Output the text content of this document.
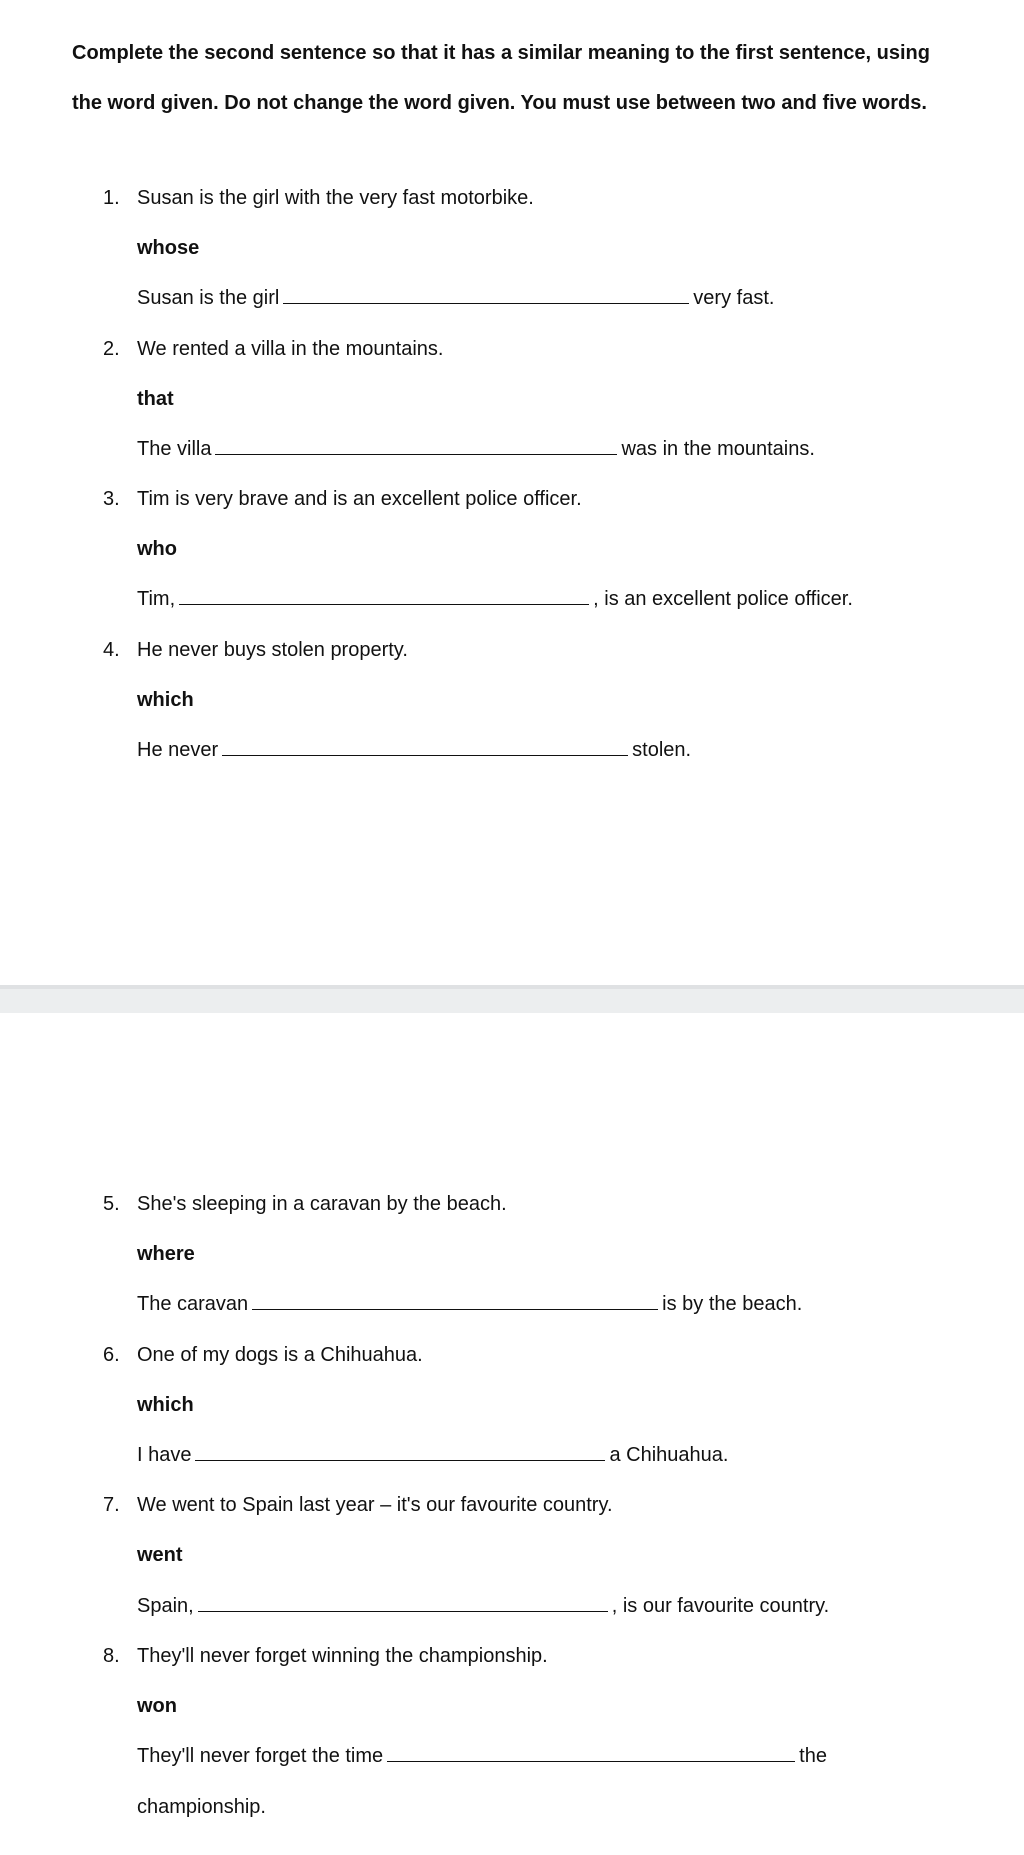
Complete the second sentence so that it has a similar meaning to the first sentence, using the word given. Do not change the word given. You must use between two and five words.

1. Susan is the girl with the very fast motorbike.
whose
Susan is the girl	very fast.
2. We rented a villa in the mountains.
that
The villa	was in the mountains.
3. Tim is very brave and is an excellent police officer.
who
Tim,	, is an excellent police officer.
4. He never buys stolen property.
which
He never	stolen.
5. She's sleeping in a caravan by the beach.
where
The caravan	is by the beach.
6. One of my dogs is a Chihuahua.
which
I have	a Chihuahua.
7. We went to Spain last year – it's our favourite country.
went
Spain,	, is our favourite country.
8. They'll never forget winning the championship.
won
They'll never forget the time	the
championship.
